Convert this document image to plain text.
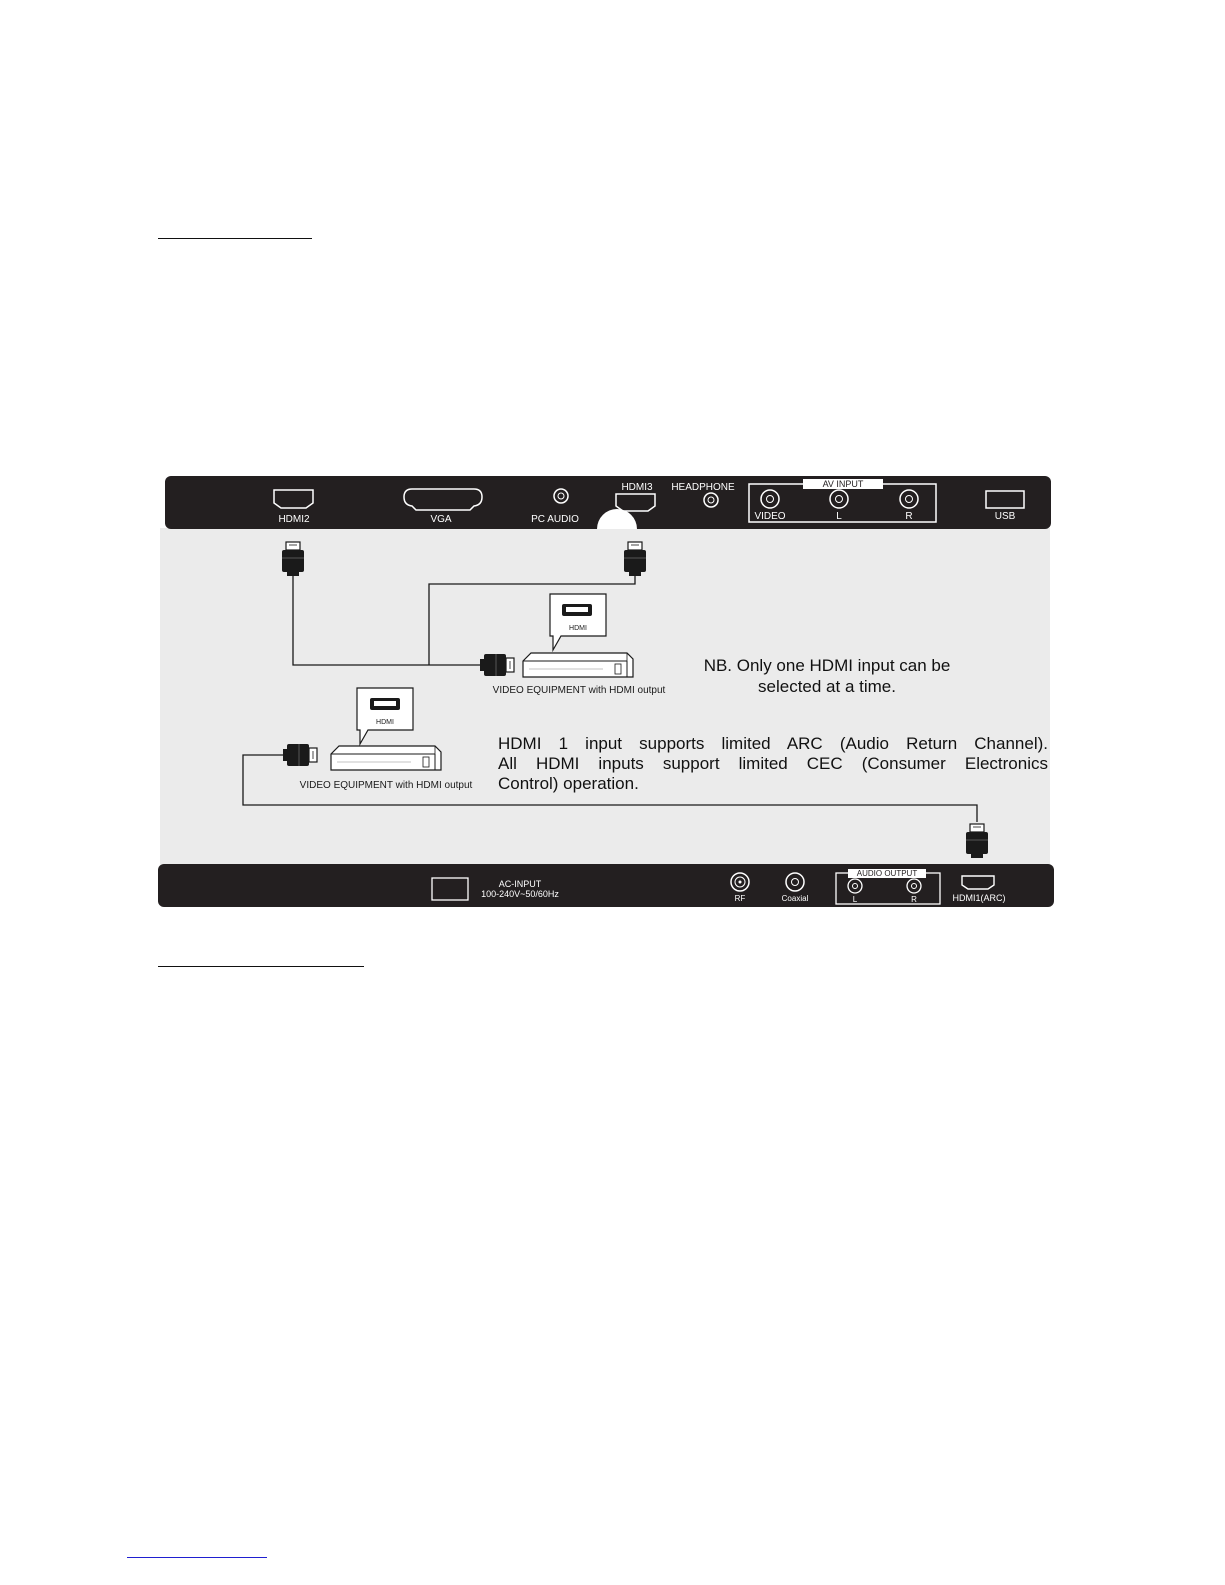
HDMI2	VGA	PC AUDIO
HDMI3 HEADPHONE	AV INPUT
VIDEO	L	R	USB
HDMI
VIDEO EQUIPMENT with HDMI output
HDMI
VIDEO EQUIPMENT with HDMI output
AC-INPUT
100-240V~50/60Hz	RF	Coaxial
AUDIO OUTPUT
L	R	HDMI1(ARC)
NB. Only one HDMI input can be
selected at a time.
HDMI 1 input supports limited ARC (Audio Return Channel).
All HDMI inputs support limited CEC (Consumer Electronics
Control) operation.
